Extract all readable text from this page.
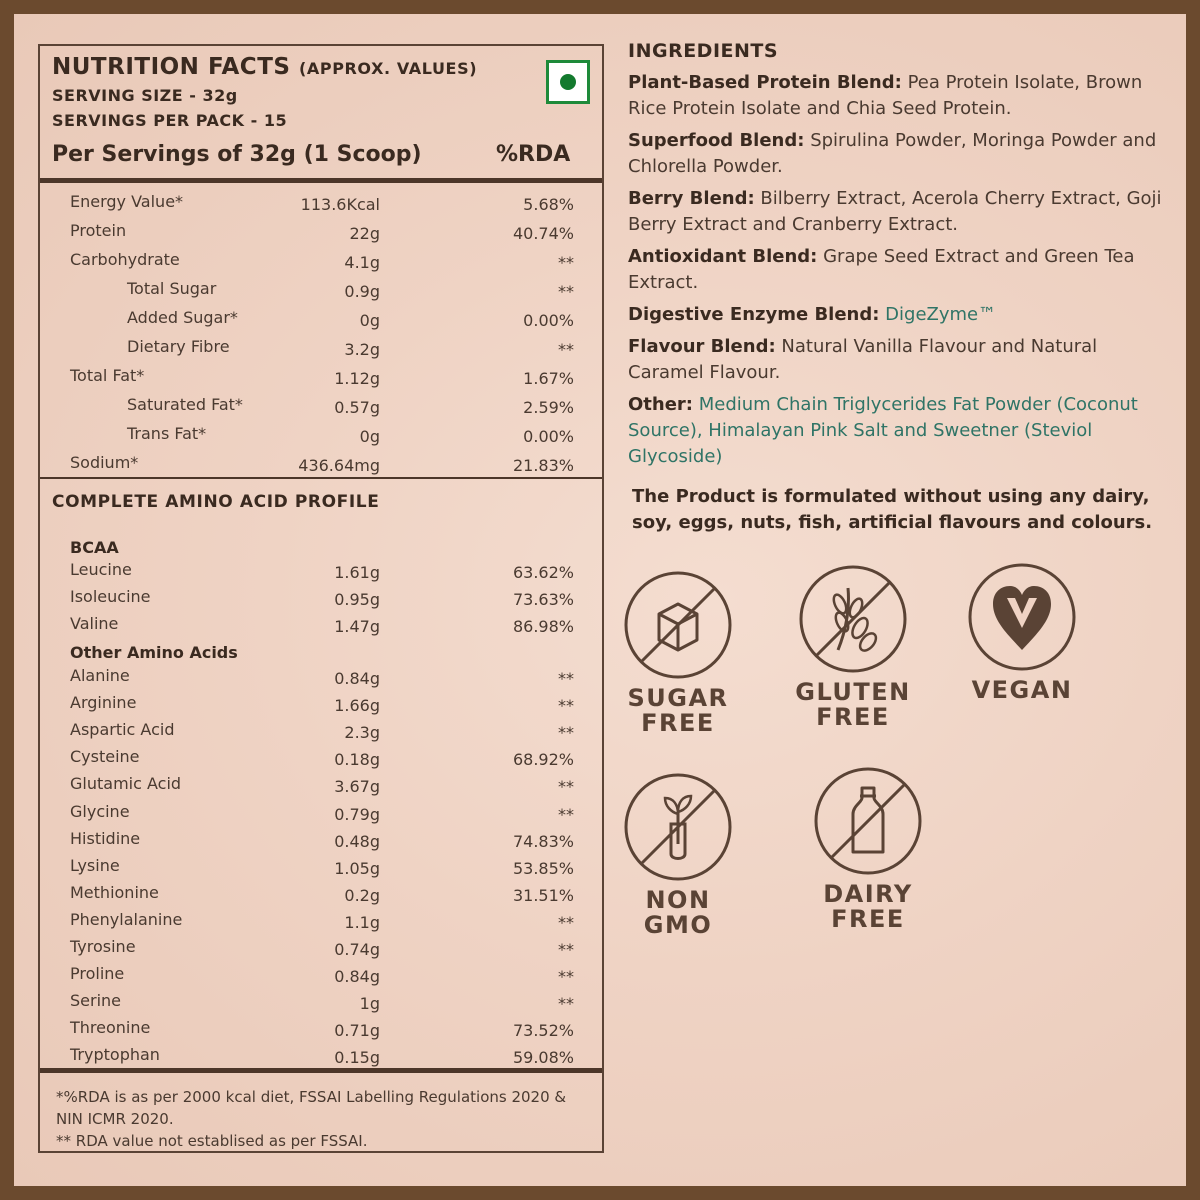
NUTRITION FACTS (APPROX. VALUES)
SERVING SIZE - 32g
SERVINGS PER PACK - 15
Per Servings of 32g (1 Scoop)	%RDA
Energy Value*	113.6Kcal	5.68%
Protein	22g	40.74%
Carbohydrate	4.1g	**
Total Sugar	0.9g	**
Added Sugar*	0g	0.00%
Dietary Fibre	3.2g	**
Total Fat*	1.12g	1.67%
Saturated Fat*	0.57g	2.59%
Trans Fat*	0g	0.00%
Sodium*	436.64mg	21.83%
COMPLETE AMINO ACID PROFILE
BCAA
Leucine	1.61g	63.62%
Isoleucine	0.95g	73.63%
Valine	1.47g	86.98%
Other Amino Acids
Alanine	0.84g	**
Arginine	1.66g	**
Aspartic Acid	2.3g	**
Cysteine	0.18g	68.92%
Glutamic Acid	3.67g	**
Glycine	0.79g	**
Histidine	0.48g	74.83%
Lysine	1.05g	53.85%
Methionine	0.2g	31.51%
Phenylalanine	1.1g	**
Tyrosine	0.74g	**
Proline	0.84g	**
Serine	1g	**
Threonine	0.71g	73.52%
Tryptophan	0.15g	59.08%
*%RDA is as per 2000 kcal diet, FSSAI Labelling Regulations 2020 & NIN ICMR 2020.
** RDA value not establised as per FSSAI.
INGREDIENTS

Plant-Based Protein Blend: Pea Protein Isolate, Brown Rice Protein Isolate and Chia Seed Protein.

Superfood Blend: Spirulina Powder, Moringa Powder and Chlorella Powder.

Berry Blend: Bilberry Extract, Acerola Cherry Extract, Goji Berry Extract and Cranberry Extract.

Antioxidant Blend: Grape Seed Extract and Green Tea Extract.

Digestive Enzyme Blend: DigeZyme™

Flavour Blend: Natural Vanilla Flavour and Natural Caramel Flavour.

Other: Medium Chain Triglycerides Fat Powder (Coconut Source), Himalayan Pink Salt and Sweetner (Steviol Glycoside)

The Product is formulated without using any dairy, soy, eggs, nuts, fish, artificial flavours and colours.
SUGAR
FREE
GLUTEN
FREE
VEGAN
NON
GMO
DAIRY
FREE
